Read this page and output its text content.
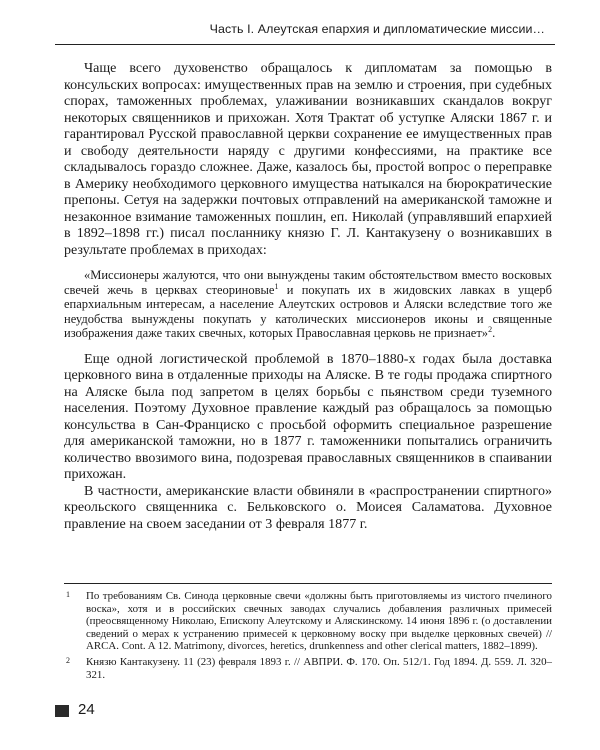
Часть I. Алеутская епархия и дипломатические миссии…

Чаще всего духовенство обращалось к дипломатам за помощью в консульских вопросах: имущественных прав на землю и строения, при судебных спорах, таможенных проблемах, улаживании возникавших скандалов вокруг некоторых священников и прихожан. Хотя Трактат об уступке Аляски 1867 г. и гарантировал Русской православной церкви сохранение ее имущественных прав и свободу деятельности наряду с другими конфессиями, на практике все складывалось гораздо сложнее. Даже, казалось бы, простой вопрос о переправке в Америку необходимого церковного имущества натыкался на бюрократические препоны. Сетуя на задержки почтовых отправлений на американской таможне и незаконное взимание таможенных пошлин, еп. Николай (управлявший епархией в 1892–1898 гг.) писал посланнику князю Г. Л. Кантакузену о возникавших в результате проблемах в приходах:

«Миссионеры жалуются, что они вынуждены таким обстоятельством вместо восковых свечей жечь в церквах стеориновые$^1$ и покупать их в жидовских лавках в ущерб епархиальным интересам, а население Алеутских островов и Аляски вследствие того же неудобства вынуждены покупать у католических миссионеров иконы и священные изображения даже таких свечных, которых Православная церковь не признает»$^2$.

Еще одной логистической проблемой в 1870–1880-х годах была доставка церковного вина в отдаленные приходы на Аляске. В те годы продажа спиртного на Аляске была под запретом в целях борьбы с пьянством среди туземного населения. Поэтому Духовное правление каждый раз обращалось за помощью консульства в Сан-Франциско с просьбой оформить специальное разрешение для американской таможни, но в 1877 г. таможенники попытались ограничить количество ввозимого вина, подозревая православных священников в спаивании прихожан.

В частности, американские власти обвиняли в «распространении спиртного» креольского священника с. Бельковского о. Моисея Саламатова. Духовное правление на своем заседании от 3 февраля 1877 г.

1 По требованиям Св. Синода церковные свечи «должны быть приготовляемы из чистого пчелиного воска», хотя и в российских свечных заводах случались добавления различных примесей (преосвященному Николаю, Епископу Алеутскому и Аляскинскому. 14 июня 1896 г. (о доставлении сведений о мерах к устранению примесей к церковному воску при выделке церковных свечей) // ARCA. Cont. A 12. Matrimony, divorces, heretics, drunkenness and other clerical matters, 1882–1899).
2 Князю Кантакузену. 11 (23) февраля 1893 г. // АВПРИ. Ф. 170. Оп. 512/1. Год 1894. Д. 559. Л. 320–321.
24
